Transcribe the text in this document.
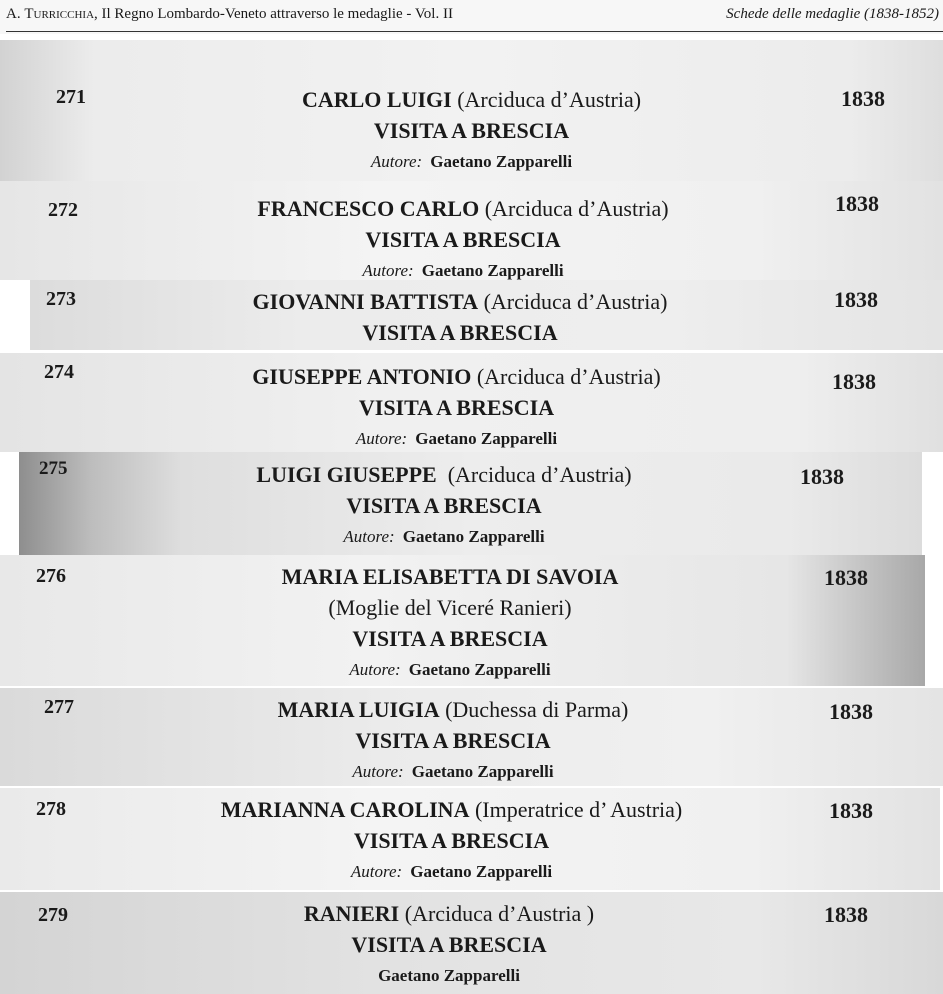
A. Turricchia, Il Regno Lombardo-Veneto attraverso le medaglie - Vol. II	Schede delle medaglie (1838-1852)
271	CARLO LUIGI (Arciduca d’Austria)
VISITA A BRESCIA
Autore: Gaetano Zapparelli
1838
272	FRANCESCO CARLO (Arciduca d’Austria)
VISITA A BRESCIA
Autore: Gaetano Zapparelli
1838
273	GIOVANNI BATTISTA (Arciduca d’Austria)
VISITA A BRESCIA
1838
274	GIUSEPPE ANTONIO (Arciduca d’Austria)
VISITA A BRESCIA
Autore: Gaetano Zapparelli
1838
275	LUIGI GIUSEPPE  (Arciduca d’Austria)
VISITA A BRESCIA
Autore: Gaetano Zapparelli
1838
276	MARIA ELISABETTA DI SAVOIA
(Moglie del Viceré Ranieri)
VISITA A BRESCIA
Autore: Gaetano Zapparelli
1838
277	MARIA LUIGIA (Duchessa di Parma)
VISITA A BRESCIA
Autore: Gaetano Zapparelli
1838
278	MARIANNA CAROLINA (Imperatrice d’ Austria)
VISITA A BRESCIA
Autore: Gaetano Zapparelli
1838
279	RANIERI (Arciduca d’Austria )
VISITA A BRESCIA
Gaetano Zapparelli
1838
